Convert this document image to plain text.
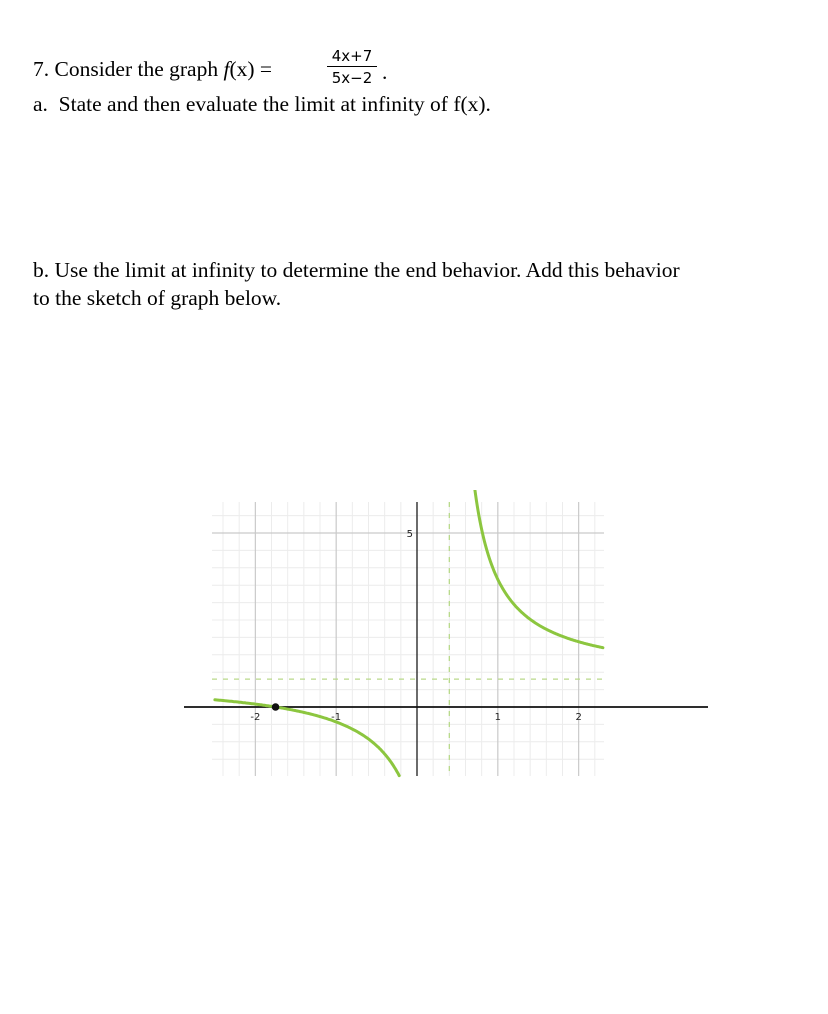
7. Consider the graph f(x) =	$\frac{4x+7}{5x-2}$ .
a. State and then evaluate the limit at infinity of f(x).
b. Use the limit at infinity to determine the end behavior. Add this behavior
to the sketch of graph below.
-2	-1	1	2
5
